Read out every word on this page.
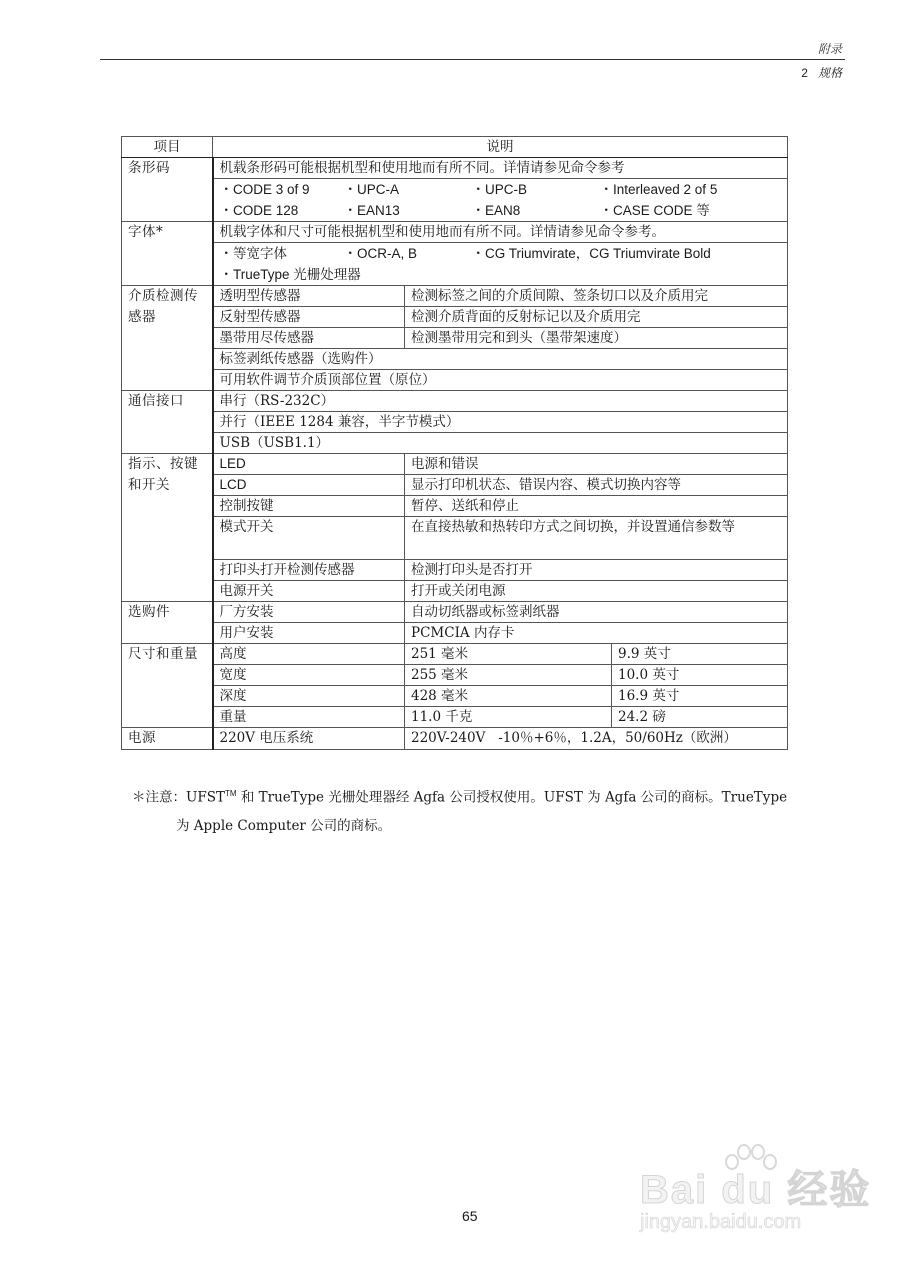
附录
2 规格
项目	说明		
条形码	机载条形码可能根据机型和使用地而有所不同。详情请参见命令参考		

・CODE 3 of 9	・UPC-A	・UPC-B	・Interleaved 2 of 5
・CODE 128	・EAN13	・EAN8	・CASE CODE 等

字体*	机载字体和尺寸可能根据机型和使用地而有所不同。详情请参见命令参考。		

	・等宽字体 ・OCR-A, B ・CG Triumvirate，CG Triumvirate Bold
・TrueType 光栅处理器		

介质检测传感器	透明型传感器	检测标签之间的介质间隙、签条切口以及介质用完	
	反射型传感器	检测介质背面的反射标记以及介质用完	
	墨带用尽传感器	检测墨带用完和到头（墨带架速度）	
	标签剥纸传感器（选购件）		
	可用软件调节介质顶部位置（原位）		
通信接口	串行（RS-232C）		
	并行（IEEE 1284 兼容，半字节模式）		
	USB（USB1.1）		
指示、按键和开关	LED	电源和错误	
	LCD	显示打印机状态、错误内容、模式切换内容等	
	控制按键	暂停、送纸和停止	
	模式开关	在直接热敏和热转印方式之间切换，并设置通信参数等	
	打印头打开检测传感器	检测打印头是否打开	
	电源开关	打开或关闭电源	
选购件	厂方安装	自动切纸器或标签剥纸器	
	用户安装	PCMCIA 内存卡	
尺寸和重量	高度	251 毫米	9.9 英寸
	宽度	255 毫米	10.0 英寸
	深度	428 毫米	16.9 英寸
	重量	11.0 千克	24.2 磅
电源	220V 电压系统	220V-240V   -10％+6％，1.2A，50/60Hz（欧洲）	
＊注意：UFST™ 和 TrueType 光栅处理器经 Agfa 公司授权使用。UFST 为 Agfa 公司的商标。TrueType
为 Apple Computer 公司的商标。
65
Bai du 经验
jingyan.baidu.com
